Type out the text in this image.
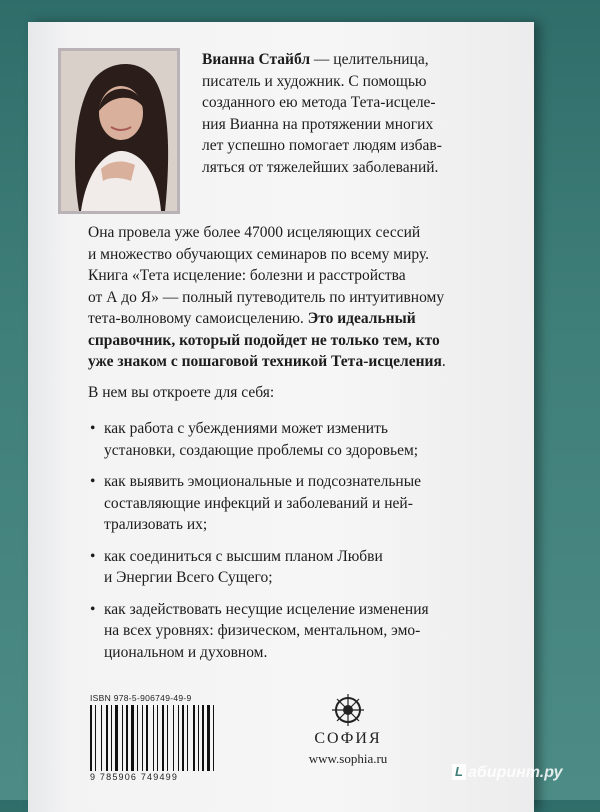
Вианна Стайбл — целительница,
писатель и художник. С помощью
созданного ею метода Тета-исцеле-
ния Вианна на протяжении многих
лет успешно помогает людям избав-
ляться от тяжелейших заболеваний.
Она провела уже более 47000 исцеляющих сессий
и множество обучающих семинаров по всему миру.
Книга «Тета исцеление: болезни и расстройства
от А до Я» — полный путеводитель по интуитивному
тета-волновому самоисцелению. Это идеальный
справочник, который подойдет не только тем, кто
уже знаком с пошаговой техникой Тета-исцеления.
В нем вы откроете для себя:
• как работа с убеждениями может изменить
установки, создающие проблемы со здоровьем;
• как выявить эмоциональные и подсознательные
составляющие инфекций и заболеваний и ней-
трализовать их;
• как соединиться с высшим планом Любви
и Энергии Всего Сущего;
• как задействовать несущие исцеление изменения
на всех уровнях: физическом, ментальном, эмо-
циональном и духовном.
ISBN 978-5-906749-49-9
9 785906 749499
СОФИЯ
www.sophia.ru
L абиринт.ру
